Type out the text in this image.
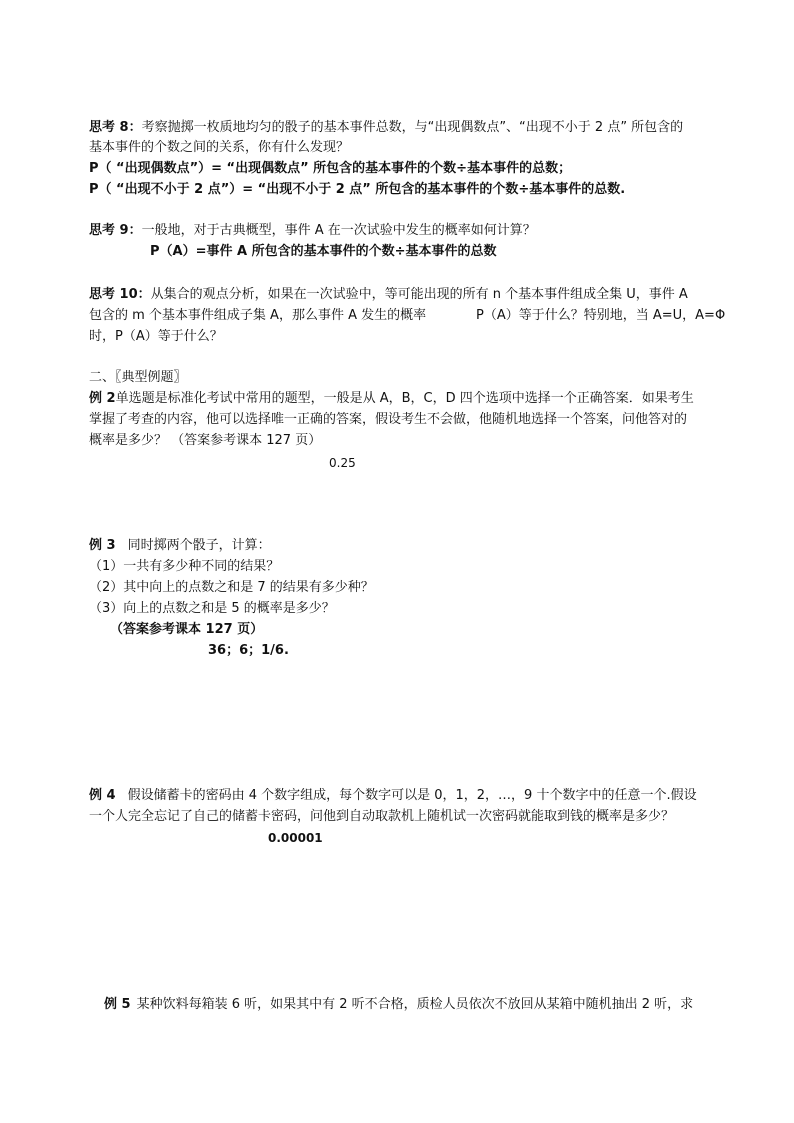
思考 8：考察抛掷一枚质地均匀的骰子的基本事件总数，与“出现偶数点”、“出现不小于 2 点” 所包含的
基本事件的个数之间的关系，你有什么发现？
P（ “出现偶数点”）= “出现偶数点” 所包含的基本事件的个数÷基本事件的总数；
P（ “出现不小于 2 点”）= “出现不小于 2 点” 所包含的基本事件的个数÷基本事件的总数.
思考 9：一般地，对于古典概型，事件 A 在一次试验中发生的概率如何计算？
P（A）=事件 A 所包含的基本事件的个数÷基本事件的总数
思考 10：从集合的观点分析，如果在一次试验中，等可能出现的所有 n 个基本事件组成全集 U，事件 A
包含的 m 个基本事件组成子集 A，那么事件 A 发生的概率	P（A）等于什么？特别地，当 A=U，A=Φ
时，P（A）等于什么？
二、〖典型例题〗
例 2单选题是标准化考试中常用的题型，一般是从 A，B，C，D 四个选项中选择一个正确答案．如果考生
掌握了考查的内容，他可以选择唯一正确的答案，假设考生不会做，他随机地选择一个答案，问他答对的
概率是多少？ （答案参考课本 127 页）
0.25
例 3 同时掷两个骰子，计算：
（1）一共有多少种不同的结果？
（2）其中向上的点数之和是 7 的结果有多少种？
（3）向上的点数之和是 5 的概率是多少？
（答案参考课本 127 页）
36；6；1/6.
例 4 假设储蓄卡的密码由 4 个数字组成，每个数字可以是 0，1，2，…，9 十个数字中的任意一个.假设
一个人完全忘记了自己的储蓄卡密码，问他到自动取款机上随机试一次密码就能取到钱的概率是多少？
0.00001
例 5 某种饮料每箱装 6 听，如果其中有 2 听不合格，质检人员依次不放回从某箱中随机抽出 2 听，求
